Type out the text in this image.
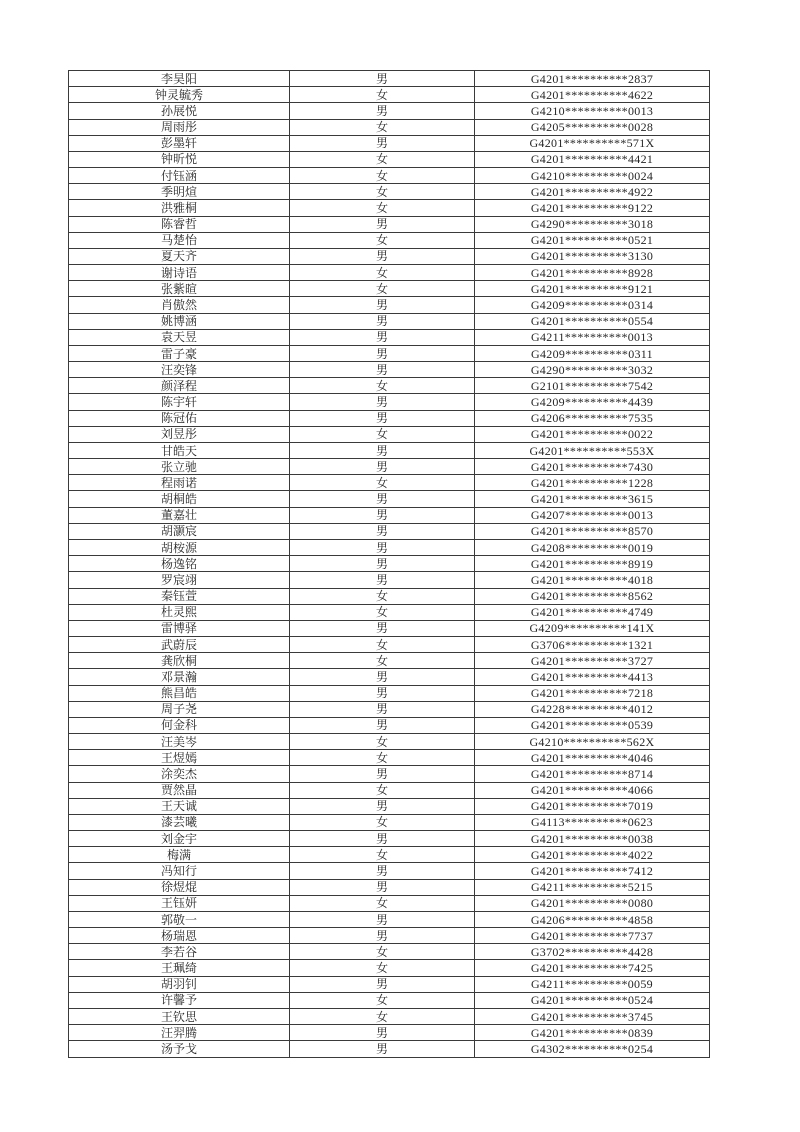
李昊阳	男	G4201**********2837
钟灵毓秀	女	G4201**********4622
孙展悦	男	G4210**********0013
周雨彤	女	G4205**********0028
彭墨轩	男	G4201**********571X
钟昕悦	女	G4201**********4421
付钰涵	女	G4210**********0024
季明煊	女	G4201**********4922
洪雅桐	女	G4201**********9122
陈睿哲	男	G4290**********3018
马楚怡	女	G4201**********0521
夏天齐	男	G4201**********3130
谢诗语	女	G4201**********8928
张紫暄	女	G4201**********9121
肖傲然	男	G4209**********0314
姚博涵	男	G4201**********0554
袁天昱	男	G4211**********0013
雷子豪	男	G4209**********0311
汪奕锋	男	G4290**********3032
颜泽程	女	G2101**********7542
陈宇轩	男	G4209**********4439
陈冠佑	男	G4206**********7535
刘昱彤	女	G4201**********0022
甘皓天	男	G4201**********553X
张立驰	男	G4201**********7430
程雨诺	女	G4201**********1228
胡桐皓	男	G4201**********3615
董嘉壮	男	G4207**********0013
胡灏宸	男	G4201**********8570
胡桉源	男	G4208**********0019
杨逸铭	男	G4201**********8919
罗宸翊	男	G4201**********4018
秦钰萱	女	G4201**********8562
杜灵熙	女	G4201**********4749
雷博驿	男	G4209**********141X
武蔚辰	女	G3706**********1321
龚欣桐	女	G4201**********3727
邓景瀚	男	G4201**********4413
熊昌皓	男	G4201**********7218
周子尧	男	G4228**********4012
何金科	男	G4201**********0539
汪美岑	女	G4210**********562X
王煜嫣	女	G4201**********4046
涂奕杰	男	G4201**********8714
贾然晶	女	G4201**********4066
王天诚	男	G4201**********7019
漆芸曦	女	G4113**********0623
刘金宇	男	G4201**********0038
梅满	女	G4201**********4022
冯知行	男	G4201**********7412
徐煜焜	男	G4211**********5215
王钰妍	女	G4201**********0080
郭敬一	男	G4206**********4858
杨瑞恩	男	G4201**********7737
李若谷	女	G3702**********4428
王珮绮	女	G4201**********7425
胡羽钊	男	G4211**********0059
许馨予	女	G4201**********0524
王钦思	女	G4201**********3745
汪羿腾	男	G4201**********0839
汤予戈	男	G4302**********0254
